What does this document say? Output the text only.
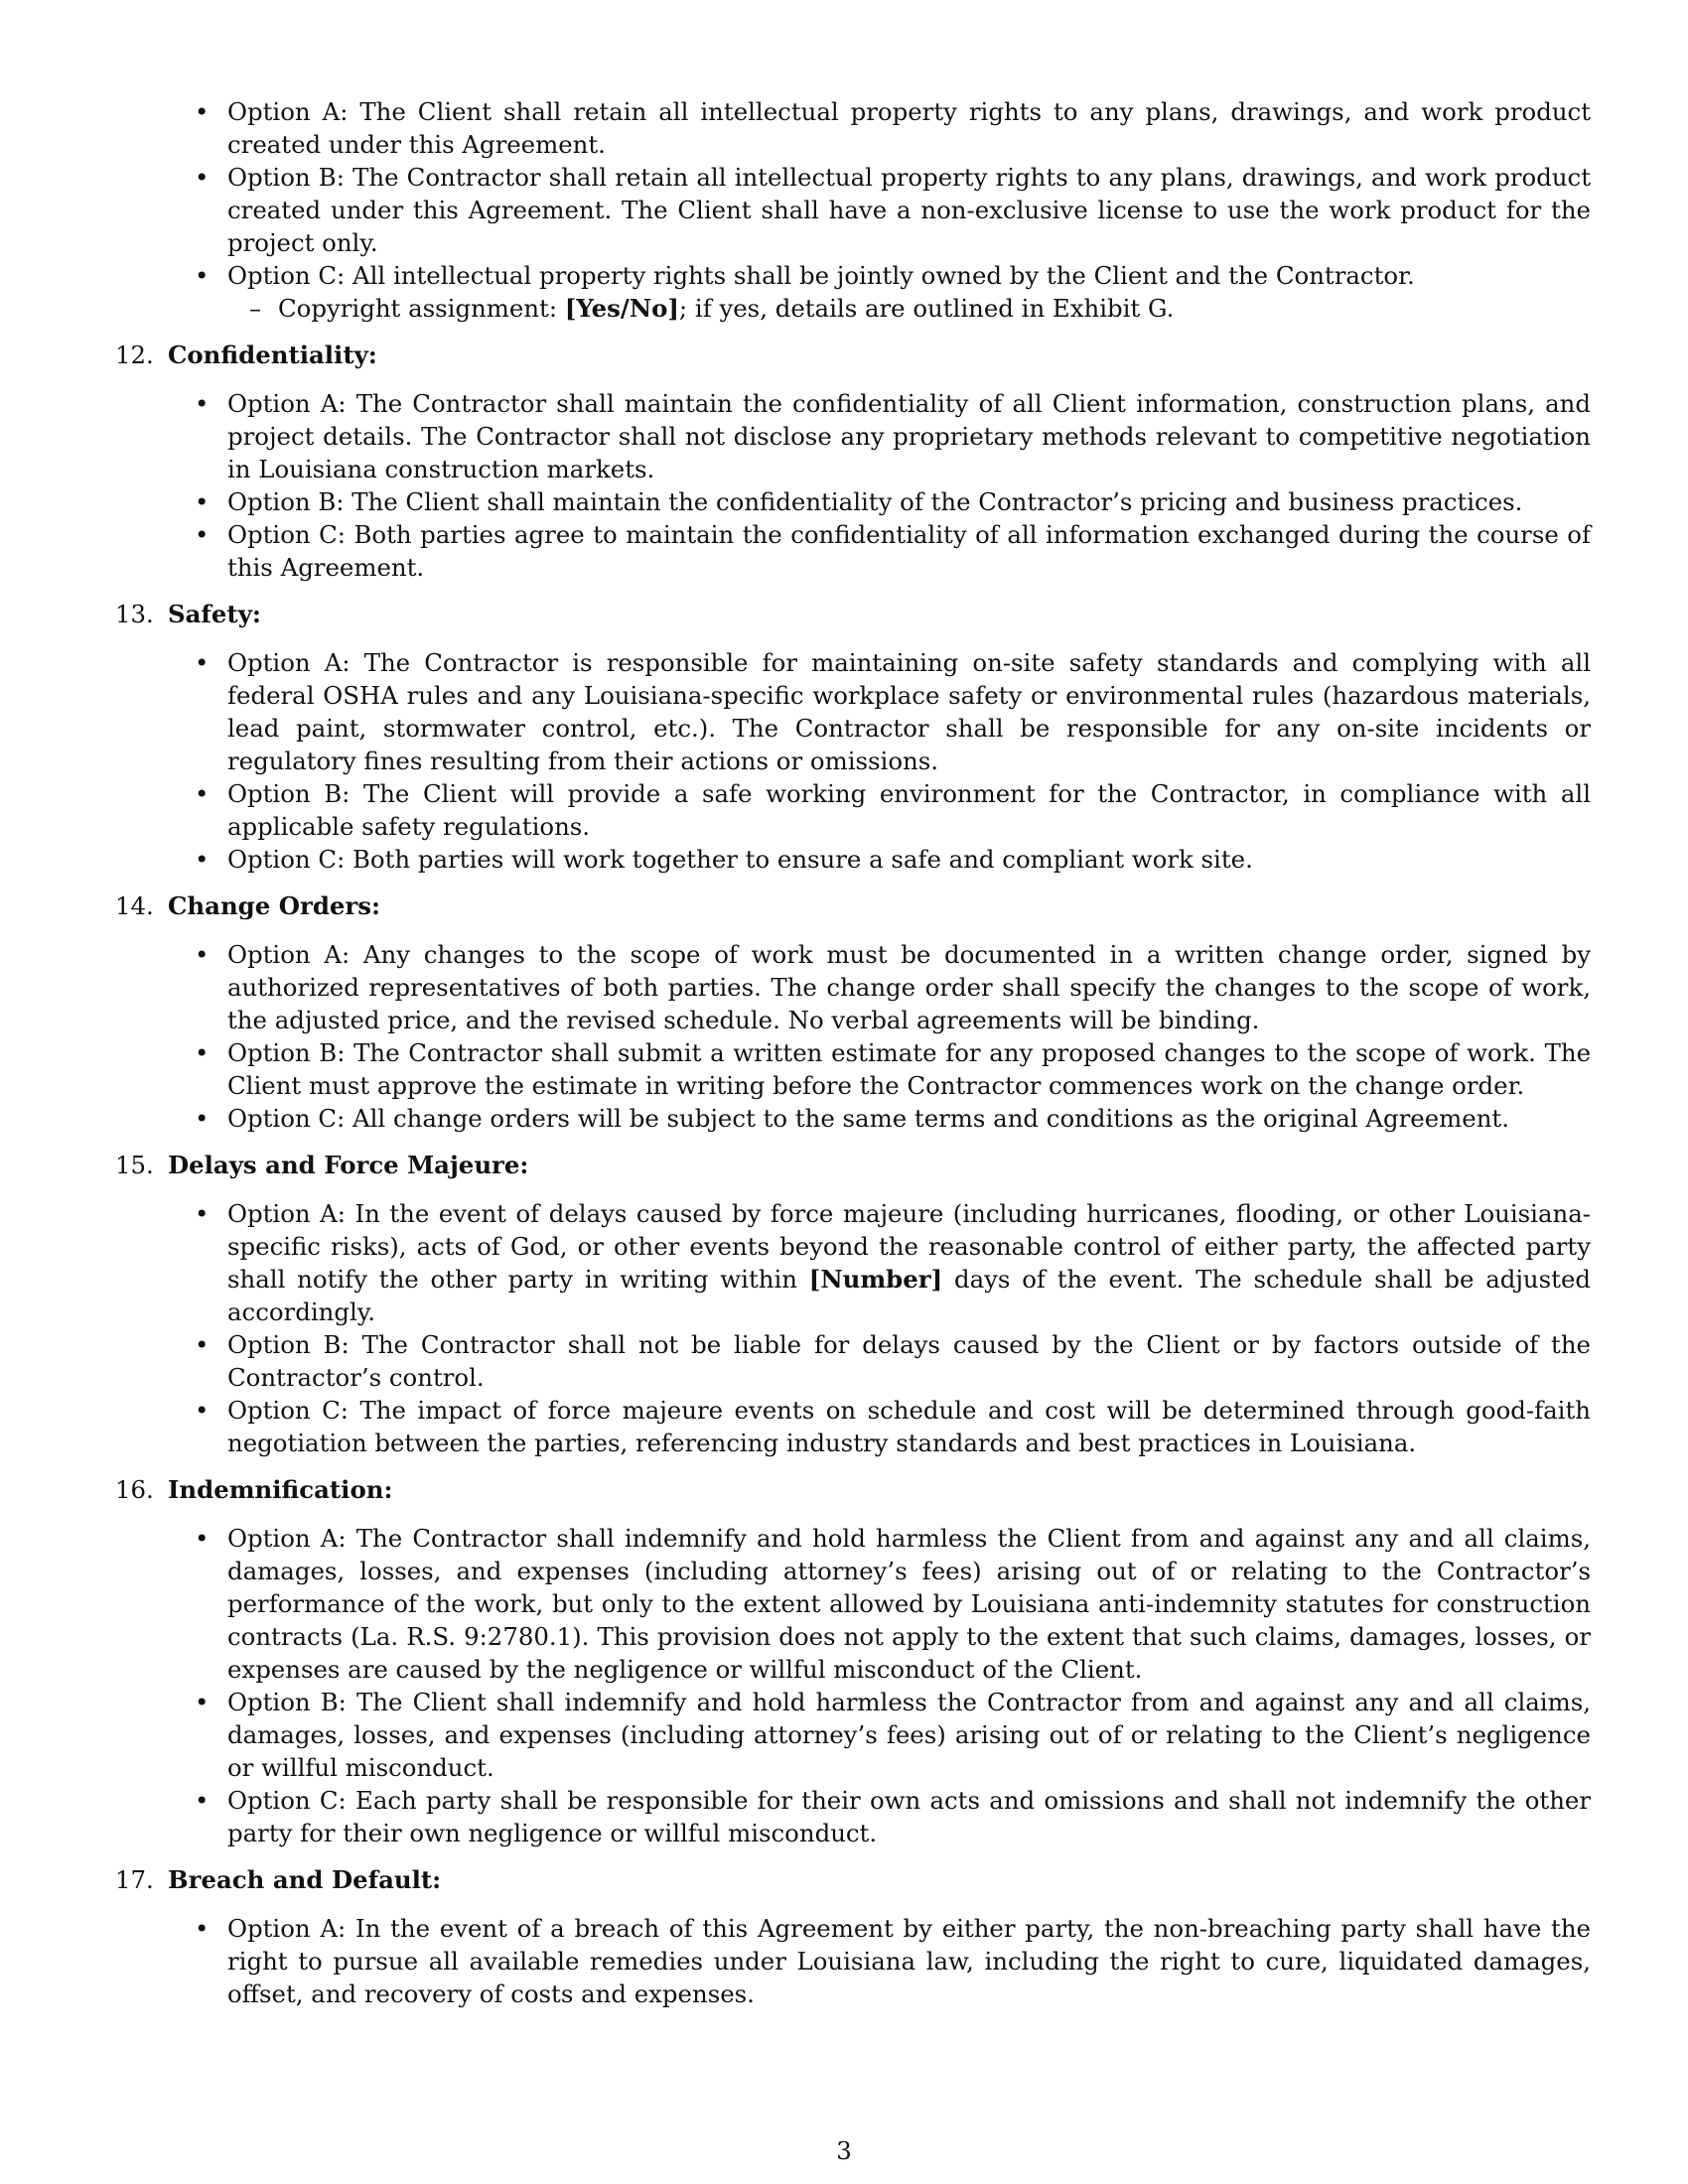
• Option A: The Client shall retain all intellectual property rights to any plans, drawings, and work product created under this Agreement.
• Option B: The Contractor shall retain all intellectual property rights to any plans, drawings, and work product created under this Agreement. The Client shall have a non-exclusive license to use the work product for the project only.
• Option C: All intellectual property rights shall be jointly owned by the Client and the Contractor.
– Copyright assignment: [Yes/No]; if yes, details are outlined in Exhibit G.
12. Confidentiality:
• Option A: The Contractor shall maintain the confidentiality of all Client information, construction plans, and project details. The Contractor shall not disclose any proprietary methods relevant to competitive negotiation in Louisiana construction markets.
• Option B: The Client shall maintain the confidentiality of the Contractor’s pricing and business practices.
• Option C: Both parties agree to maintain the confidentiality of all information exchanged during the course of this Agreement.
13. Safety:
• Option A: The Contractor is responsible for maintaining on-site safety standards and complying with all federal OSHA rules and any Louisiana-specific workplace safety or environmental rules (hazardous materials, lead paint, stormwater control, etc.). The Contractor shall be responsible for any on-site incidents or regulatory fines resulting from their actions or omissions.
• Option B: The Client will provide a safe working environment for the Contractor, in compliance with all applicable safety regulations.
• Option C: Both parties will work together to ensure a safe and compliant work site.
14. Change Orders:
• Option A: Any changes to the scope of work must be documented in a written change order, signed by authorized representatives of both parties. The change order shall specify the changes to the scope of work, the adjusted price, and the revised schedule. No verbal agreements will be binding.
• Option B: The Contractor shall submit a written estimate for any proposed changes to the scope of work. The Client must approve the estimate in writing before the Contractor commences work on the change order.
• Option C: All change orders will be subject to the same terms and conditions as the original Agreement.
15. Delays and Force Majeure:
• Option A: In the event of delays caused by force majeure (including hurricanes, flooding, or other Louisiana-specific risks), acts of God, or other events beyond the reasonable control of either party, the affected party shall notify the other party in writing within [Number] days of the event. The schedule shall be adjusted accordingly.
• Option B: The Contractor shall not be liable for delays caused by the Client or by factors outside of the Contractor’s control.
• Option C: The impact of force majeure events on schedule and cost will be determined through good-faith negotiation between the parties, referencing industry standards and best practices in Louisiana.
16. Indemnification:
• Option A: The Contractor shall indemnify and hold harmless the Client from and against any and all claims, damages, losses, and expenses (including attorney’s fees) arising out of or relating to the Contractor’s performance of the work, but only to the extent allowed by Louisiana anti-indemnity statutes for construction contracts (La. R.S. 9:2780.1). This provision does not apply to the extent that such claims, damages, losses, or expenses are caused by the negligence or willful misconduct of the Client.
• Option B: The Client shall indemnify and hold harmless the Contractor from and against any and all claims, damages, losses, and expenses (including attorney’s fees) arising out of or relating to the Client’s negligence or willful misconduct.
• Option C: Each party shall be responsible for their own acts and omissions and shall not indemnify the other party for their own negligence or willful misconduct.
17. Breach and Default:
• Option A: In the event of a breach of this Agreement by either party, the non-breaching party shall have the right to pursue all available remedies under Louisiana law, including the right to cure, liquidated damages, offset, and recovery of costs and expenses.
3
